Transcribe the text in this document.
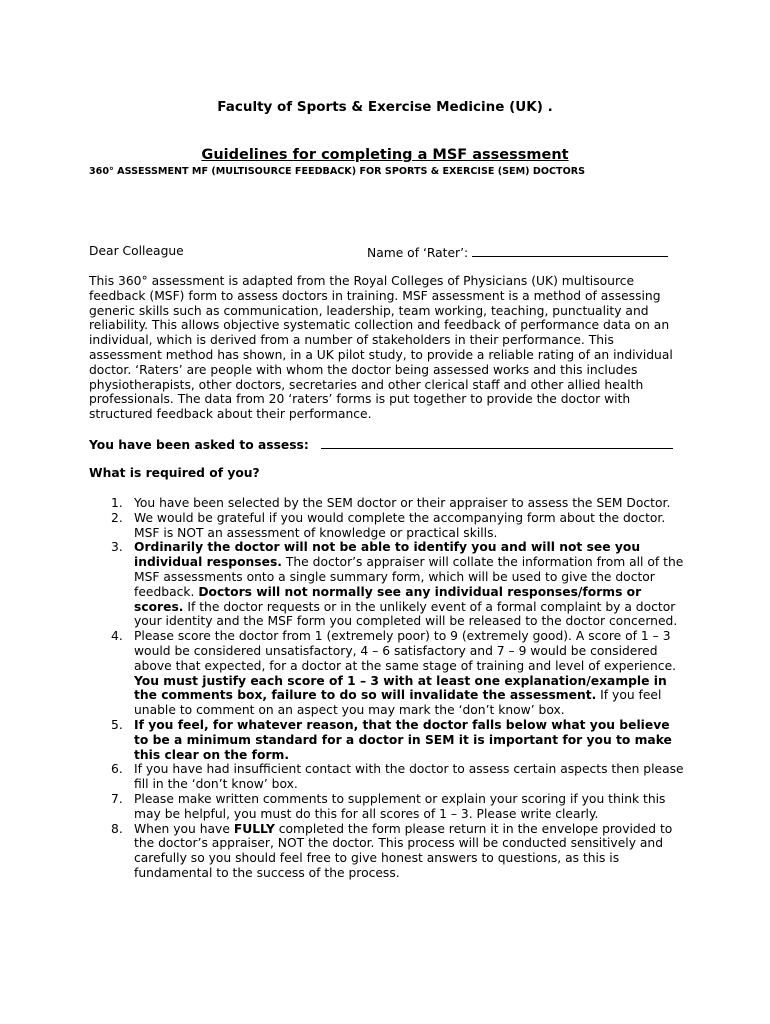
Faculty of Sports & Exercise Medicine (UK) .
Guidelines for completing a MSF assessment
360° ASSESSMENT MF (MULTISOURCE FEEDBACK) FOR SPORTS & EXERCISE (SEM) DOCTORS
Dear Colleague	Name of ‘Rater’:

This 360° assessment is adapted from the Royal Colleges of Physicians (UK) multisource feedback (MSF) form to assess doctors in training. MSF assessment is a method of assessing generic skills such as communication, leadership, team working, teaching, punctuality and reliability. This allows objective systematic collection and feedback of performance data on an individual, which is derived from a number of stakeholders in their performance. This assessment method has shown, in a UK pilot study, to provide a reliable rating of an individual doctor. ‘Raters’ are people with whom the doctor being assessed works and this includes physiotherapists, other doctors, secretaries and other clerical staff and other allied health professionals. The data from 20 ‘raters’ forms is put together to provide the doctor with structured feedback about their performance.

You have been asked to assess:
What is required of you?
1. You have been selected by the SEM doctor or their appraiser to assess the SEM Doctor.
2. We would be grateful if you would complete the accompanying form about the doctor. MSF is NOT an assessment of knowledge or practical skills.
3. Ordinarily the doctor will not be able to identify you and will not see you individual responses. The doctor’s appraiser will collate the information from all of the MSF assessments onto a single summary form, which will be used to give the doctor feedback. Doctors will not normally see any individual responses/forms or scores. If the doctor requests or in the unlikely event of a formal complaint by a doctor your identity and the MSF form you completed will be released to the doctor concerned.
4. Please score the doctor from 1 (extremely poor) to 9 (extremely good). A score of 1 – 3 would be considered unsatisfactory, 4 – 6 satisfactory and 7 – 9 would be considered above that expected, for a doctor at the same stage of training and level of experience. You must justify each score of 1 – 3 with at least one explanation/example in the comments box, failure to do so will invalidate the assessment. If you feel unable to comment on an aspect you may mark the ‘don’t know’ box.
5. If you feel, for whatever reason, that the doctor falls below what you believe to be a minimum standard for a doctor in SEM it is important for you to make this clear on the form.
6. If you have had insufficient contact with the doctor to assess certain aspects then please fill in the ‘don’t know’ box.
7. Please make written comments to supplement or explain your scoring if you think this may be helpful, you must do this for all scores of 1 – 3. Please write clearly.
8. When you have FULLY completed the form please return it in the envelope provided to the doctor’s appraiser, NOT the doctor. This process will be conducted sensitively and carefully so you should feel free to give honest answers to questions, as this is fundamental to the success of the process.
